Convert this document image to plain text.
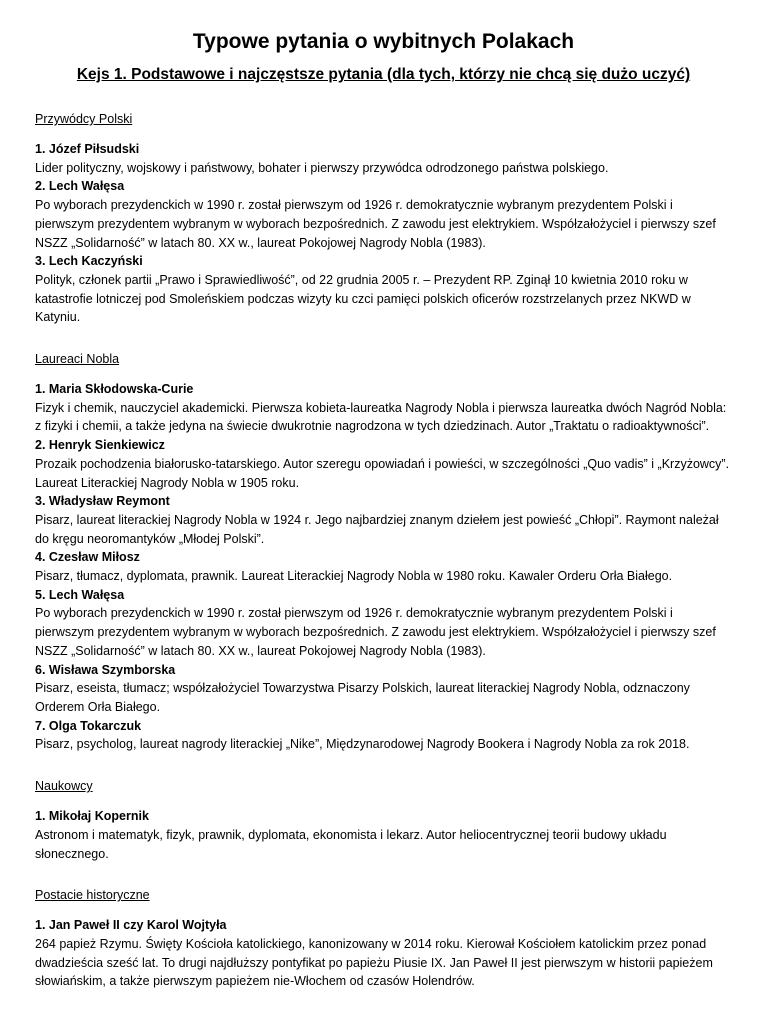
Typowe pytania o wybitnych Polakach
Kejs 1. Podstawowe i najczęstsze pytania (dla tych, którzy nie chcą się dużo uczyć)

Przywódcy Polski

1. Józef Piłsudski

Lider polityczny, wojskowy i państwowy, bohater i pierwszy przywódca odrodzonego państwa polskiego.

2. Lech Wałęsa

Po wyborach prezydenckich w 1990 r. został pierwszym od 1926 r. demokratycznie wybranym prezydentem Polski i pierwszym prezydentem wybranym w wyborach bezpośrednich. Z zawodu jest elektrykiem. Współzałożyciel i pierwszy szef NSZZ „Solidarność” w latach 80. XX w., laureat Pokojowej Nagrody Nobla (1983).

3. Lech Kaczyński

Polityk, członek partii „Prawo i Sprawiedliwość”, od 22 grudnia 2005 r. – Prezydent RP. Zginął 10 kwietnia 2010 roku w katastrofie lotniczej pod Smoleńskiem podczas wizyty ku czci pamięci polskich oficerów rozstrzelanych przez NKWD w Katyniu.

Laureaci Nobla

1. Maria Skłodowska-Curie

Fizyk i chemik, nauczyciel akademicki. Pierwsza kobieta-laureatka Nagrody Nobla i pierwsza laureatka dwóch Nagród Nobla: z fizyki i chemii, a także jedyna na świecie dwukrotnie nagrodzona w tych dziedzinach. Autor „Traktatu o radioaktywności”.

2. Henryk Sienkiewicz

Prozaik pochodzenia białorusko-tatarskiego. Autor szeregu opowiadań i powieści, w szczególności „Quo vadis” i „Krzyżowcy”. Laureat Literackiej Nagrody Nobla w 1905 roku.

3. Władysław Reymont

Pisarz, laureat literackiej Nagrody Nobla w 1924 r. Jego najbardziej znanym dziełem jest powieść „Chłopi”. Raymont należał do kręgu neoromantyków „Młodej Polski”.

4. Czesław Miłosz

Pisarz, tłumacz, dyplomata, prawnik. Laureat Literackiej Nagrody Nobla w 1980 roku. Kawaler Orderu Orła Białego.

5. Lech Wałęsa

Po wyborach prezydenckich w 1990 r. został pierwszym od 1926 r. demokratycznie wybranym prezydentem Polski i pierwszym prezydentem wybranym w wyborach bezpośrednich. Z zawodu jest elektrykiem. Współzałożyciel i pierwszy szef NSZZ „Solidarność” w latach 80. XX w., laureat Pokojowej Nagrody Nobla (1983).

6. Wisława Szymborska

Pisarz, eseista, tłumacz; współzałożyciel Towarzystwa Pisarzy Polskich, laureat literackiej Nagrody Nobla, odznaczony Orderem Orła Białego.

7. Olga Tokarczuk

Pisarz, psycholog, laureat nagrody literackiej „Nike”, Międzynarodowej Nagrody Bookera i Nagrody Nobla za rok 2018.

Naukowcy

1. Mikołaj Kopernik

Astronom i matematyk, fizyk, prawnik, dyplomata, ekonomista i lekarz. Autor heliocentrycznej teorii budowy układu słonecznego.

Postacie historyczne

1. Jan Paweł II czy Karol Wojtyła

264 papież Rzymu. Święty Kościoła katolickiego, kanonizowany w 2014 roku. Kierował Kościołem katolickim przez ponad dwadzieścia sześć lat. To drugi najdłuższy pontyfikat po papieżu Piusie IX. Jan Paweł II jest pierwszym w historii papieżem słowiańskim, a także pierwszym papieżem nie-Włochem od czasów Holendrów.
